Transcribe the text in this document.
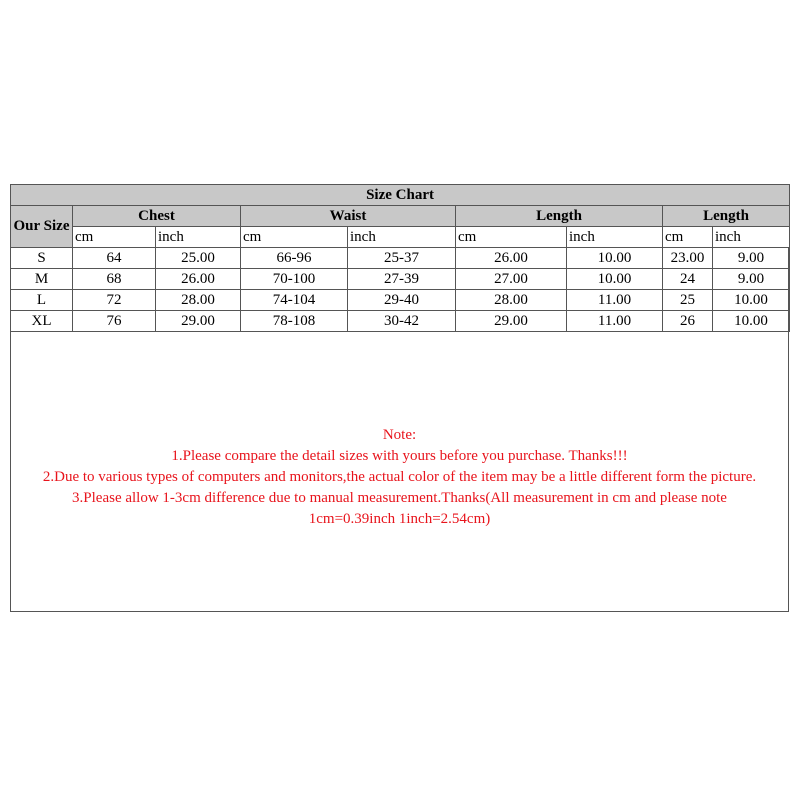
Size Chart								
Our Size	Chest		Waist		Length		Length	
	cm	inch	cm	inch	cm	inch	cm	inch
S	64	25.00	66-96	25-37	26.00	10.00	23.00	9.00
M	68	26.00	70-100	27-39	27.00	10.00	24	9.00
L	72	28.00	74-104	29-40	28.00	11.00	25	10.00
XL	76	29.00	78-108	30-42	29.00	11.00	26	10.00
Note:
1.Please compare the detail sizes with yours before you purchase. Thanks!!!
2.Due to various types of computers and monitors,the actual color of the item may be a little different form the picture.
3.Please allow 1-3cm difference due to manual measurement.Thanks(All measurement in cm and please note
1cm=0.39inch 1inch=2.54cm)
